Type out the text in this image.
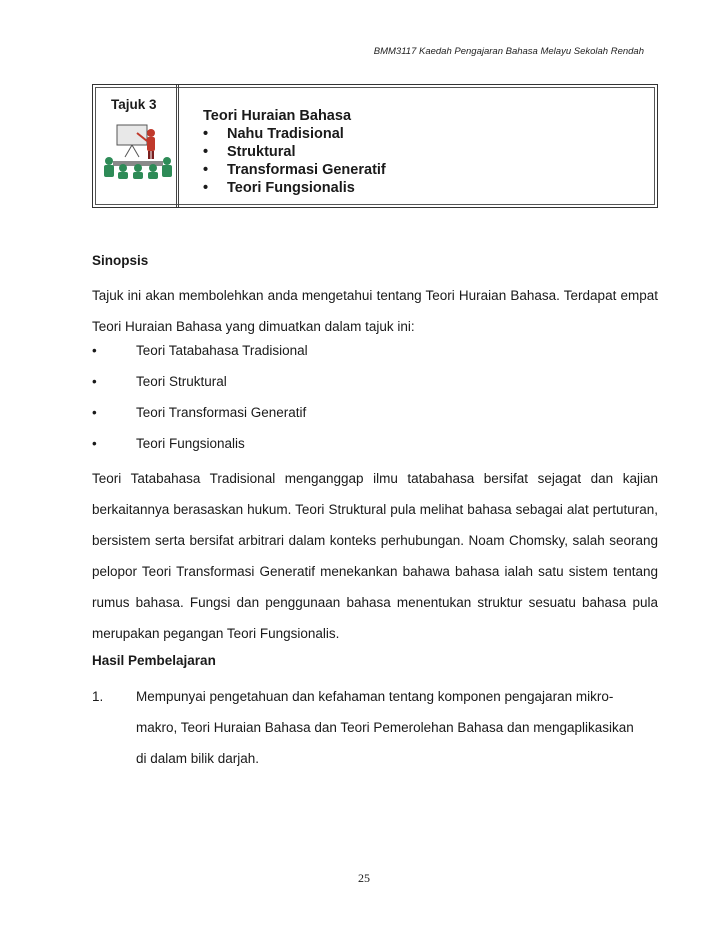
BMM3117 Kaedah Pengajaran Bahasa Melayu Sekolah Rendah
Tajuk 3
Teori Huraian Bahasa
• Nahu Tradisional
• Struktural
• Transformasi Generatif
• Teori Fungsionalis
Sinopsis

Tajuk ini akan membolehkan anda mengetahui tentang Teori Huraian Bahasa. Terdapat empat Teori Huraian Bahasa yang dimuatkan dalam tajuk ini:

•	Teori Tatabahasa Tradisional
•	Teori Struktural
•	Teori Transformasi Generatif
•	Teori Fungsionalis

Teori Tatabahasa Tradisional menganggap ilmu tatabahasa bersifat sejagat dan kajian berkaitannya berasaskan hukum. Teori Struktural pula melihat bahasa sebagai alat pertuturan, bersistem serta bersifat arbitrari dalam konteks perhubungan. Noam Chomsky, salah seorang pelopor Teori Transformasi Generatif menekankan bahawa bahasa ialah satu sistem tentang rumus bahasa. Fungsi dan penggunaan bahasa menentukan struktur sesuatu bahasa pula merupakan pegangan Teori Fungsionalis.

Hasil Pembelajaran
1. Mempunyai pengetahuan dan kefahaman tentang komponen pengajaran mikro-makro, Teori Huraian Bahasa dan Teori Pemerolehan Bahasa dan mengaplikasikan di dalam bilik darjah.

25
